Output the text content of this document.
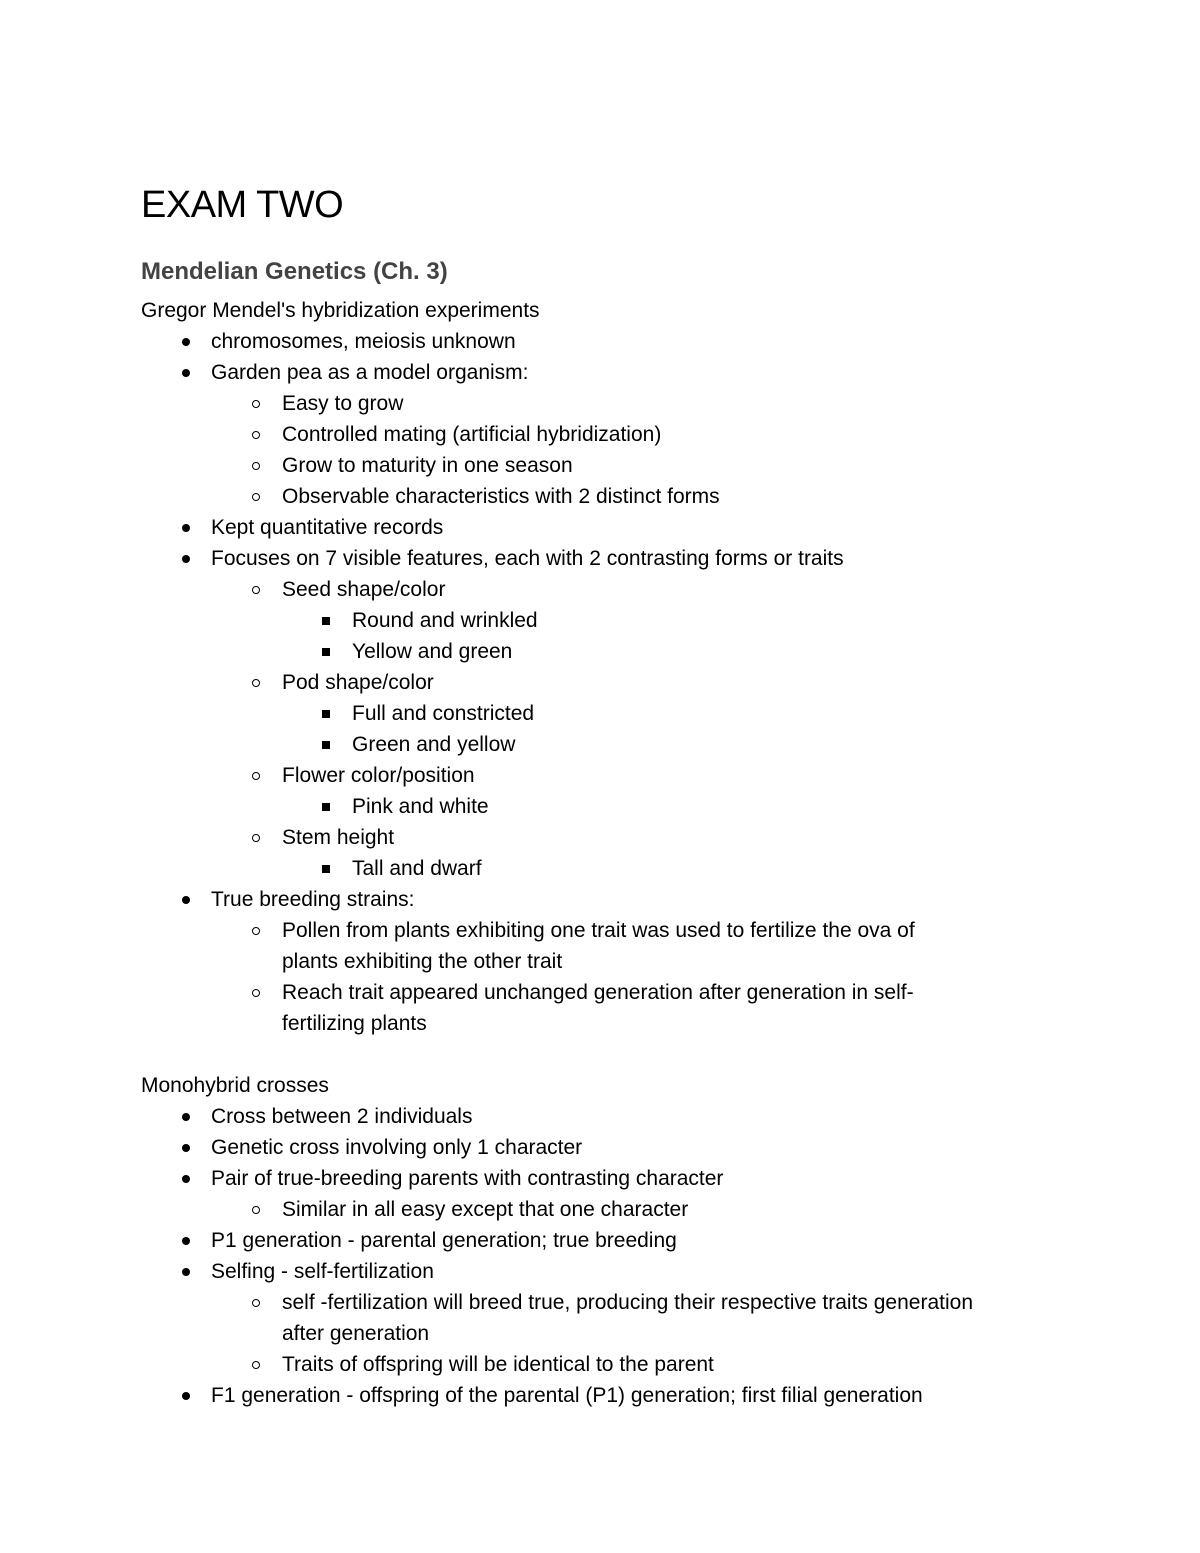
EXAM TWO
Mendelian Genetics (Ch. 3)

Gregor Mendel's hybridization experiments

chromosomes, meiosis unknown
Garden pea as a model organism:
Easy to grow
Controlled mating (artificial hybridization)
Grow to maturity in one season
Observable characteristics with 2 distinct forms
Kept quantitative records
Focuses on 7 visible features, each with 2 contrasting forms or traits
Seed shape/color
Round and wrinkled
Yellow and green
Pod shape/color
Full and constricted
Green and yellow
Flower color/position
Pink and white
Stem height
Tall and dwarf
True breeding strains:
Pollen from plants exhibiting one trait was used to fertilize the ova of
plants exhibiting the other trait
Reach trait appeared unchanged generation after generation in self-
fertilizing plants

Monohybrid crosses

Cross between 2 individuals
Genetic cross involving only 1 character
Pair of true-breeding parents with contrasting character
Similar in all easy except that one character
P1 generation - parental generation; true breeding
Selfing - self-fertilization
self -fertilization will breed true, producing their respective traits generation
after generation
Traits of offspring will be identical to the parent
F1 generation - offspring of the parental (P1) generation; first filial generation
